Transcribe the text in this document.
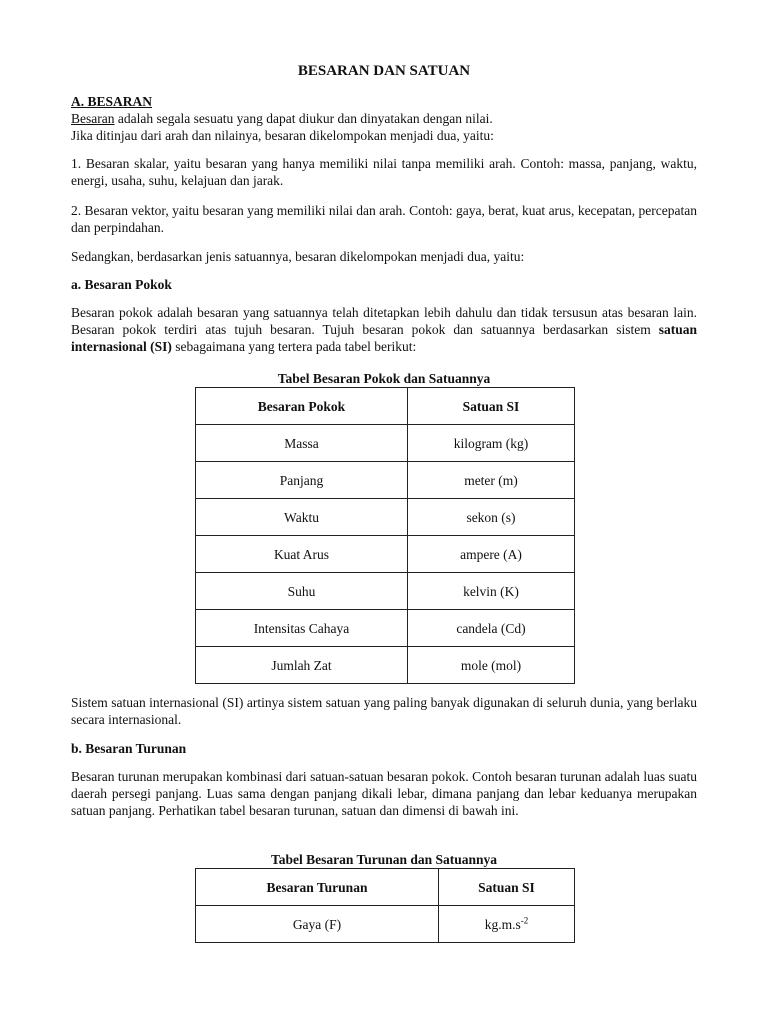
BESARAN DAN SATUAN

A. BESARAN

Besaran adalah segala sesuatu yang dapat diukur dan dinyatakan dengan nilai.

Jika ditinjau dari arah dan nilainya, besaran dikelompokan menjadi dua, yaitu:

1. Besaran skalar, yaitu besaran yang hanya memiliki nilai tanpa memiliki arah. Contoh: massa, panjang, waktu, energi, usaha, suhu, kelajuan dan jarak.

2. Besaran vektor, yaitu besaran yang memiliki nilai dan arah. Contoh: gaya, berat, kuat arus, kecepatan, percepatan dan perpindahan.

Sedangkan, berdasarkan jenis satuannya, besaran dikelompokan menjadi dua, yaitu:

a. Besaran Pokok

Besaran pokok adalah besaran yang satuannya telah ditetapkan lebih dahulu dan tidak tersusun atas besaran lain. Besaran pokok terdiri atas tujuh besaran. Tujuh besaran pokok dan satuannya berdasarkan sistem satuan internasional (SI) sebagaimana yang tertera pada tabel berikut:

Tabel Besaran Pokok dan Satuannya
Besaran Pokok	Satuan SI
Massa	kilogram (kg)
Panjang	meter (m)
Waktu	sekon (s)
Kuat Arus	ampere (A)
Suhu	kelvin (K)
Intensitas Cahaya	candela (Cd)
Jumlah Zat	mole (mol)

Sistem satuan internasional (SI) artinya sistem satuan yang paling banyak digunakan di seluruh dunia, yang berlaku secara internasional.

b. Besaran Turunan

Besaran turunan merupakan kombinasi dari satuan-satuan besaran pokok. Contoh besaran turunan adalah luas suatu daerah persegi panjang. Luas sama dengan panjang dikali lebar, dimana panjang dan lebar keduanya merupakan satuan panjang. Perhatikan tabel besaran turunan, satuan dan dimensi di bawah ini.

Tabel Besaran Turunan dan Satuannya
Besaran Turunan	Satuan SI
Gaya (F)	$kg.m.s^{-2}$
